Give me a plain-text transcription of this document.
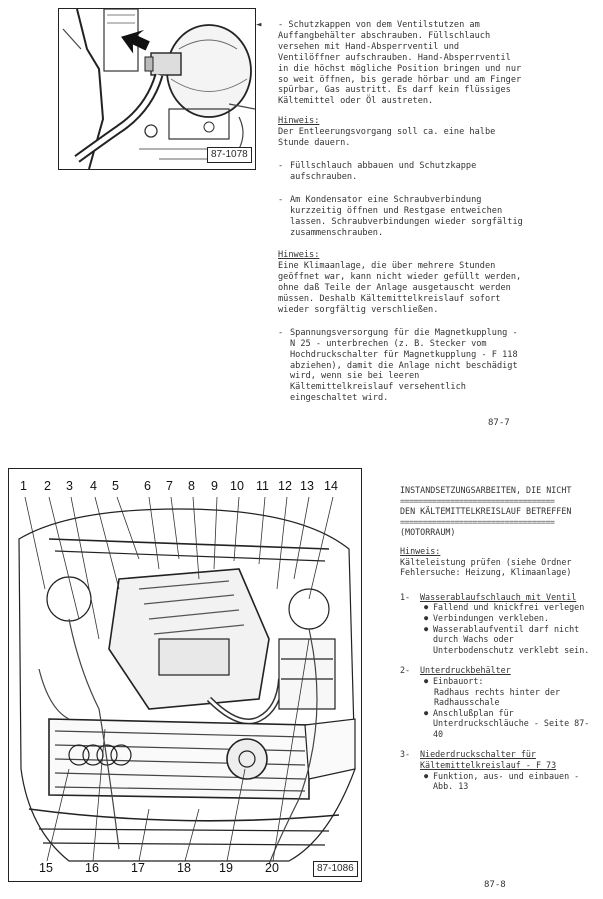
87-1078
◄ - Schutzkappen von dem Ventilstutzen am Auffangbehälter abschrauben. Füllschlauch versehen mit Hand-Absperrventil und Ventilöffner aufschrauben. Hand-Absperrventil in die höchst mögliche Position bringen und nur so weit öffnen, bis gerade hörbar und am Finger spürbar, Gas austritt. Es darf kein flüssiges Kältemittel oder Öl austreten.

Hinweis:
Der Entleerungsvorgang soll ca. eine halbe Stunde dauern.
- Füllschlauch abbauen und Schutzkappe aufschrauben.
- Am Kondensator eine Schraubverbindung kurzzeitig öffnen und Restgase entweichen lassen. Schraubverbindungen wieder sorgfältig zusammenschrauben.
Hinweis:
Eine Klimaanlage, die über mehrere Stunden geöffnet war, kann nicht wieder gefüllt werden, ohne daß Teile der Anlage ausgetauscht werden müssen. Deshalb Kältemittelkreislauf sofort wieder sorgfältig verschließen.
- Spannungsversorgung für die Magnetkupplung - N 25 - unterbrechen (z. B. Stecker vom Hochdruckschalter für Magnetkupplung - F 118 abziehen), damit die Anlage nicht beschädigt wird, wenn sie bei leeren Kältemittelkreislauf versehentlich eingeschaltet wird.
87-7
1 2 3 4 5 6 7 8 9 10 11 12 13 14
15	16	17	18 19	20	87-1086
INSTANDSETZUNGSARBEITEN, DIE NICHT
==================================
DEN KÄLTEMITTELKREISLAUF BETREFFEN
==================================
(MOTORRAUM)
Hinweis:
Kälteleistung prüfen (siehe Ordner Fehlersuche: Heizung, Klimaanlage)
1-	Wasserablaufschlauch mit Ventil
● Fallend und knickfrei verlegen
● Verbindungen verkleben.
● Wasserablaufventil darf nicht durch Wachs oder Unterbodenschutz verklebt sein.
2-	Unterdruckbehälter
● Einbauort:
Radhaus rechts hinter der Radhausschale
● Anschlußplan für Unterdruckschläuche - Seite 87-40
3-	Niederdruckschalter für Kältemittelkreislauf - F 73
● Funktion, aus- und einbauen - Abb. 13
87-8
